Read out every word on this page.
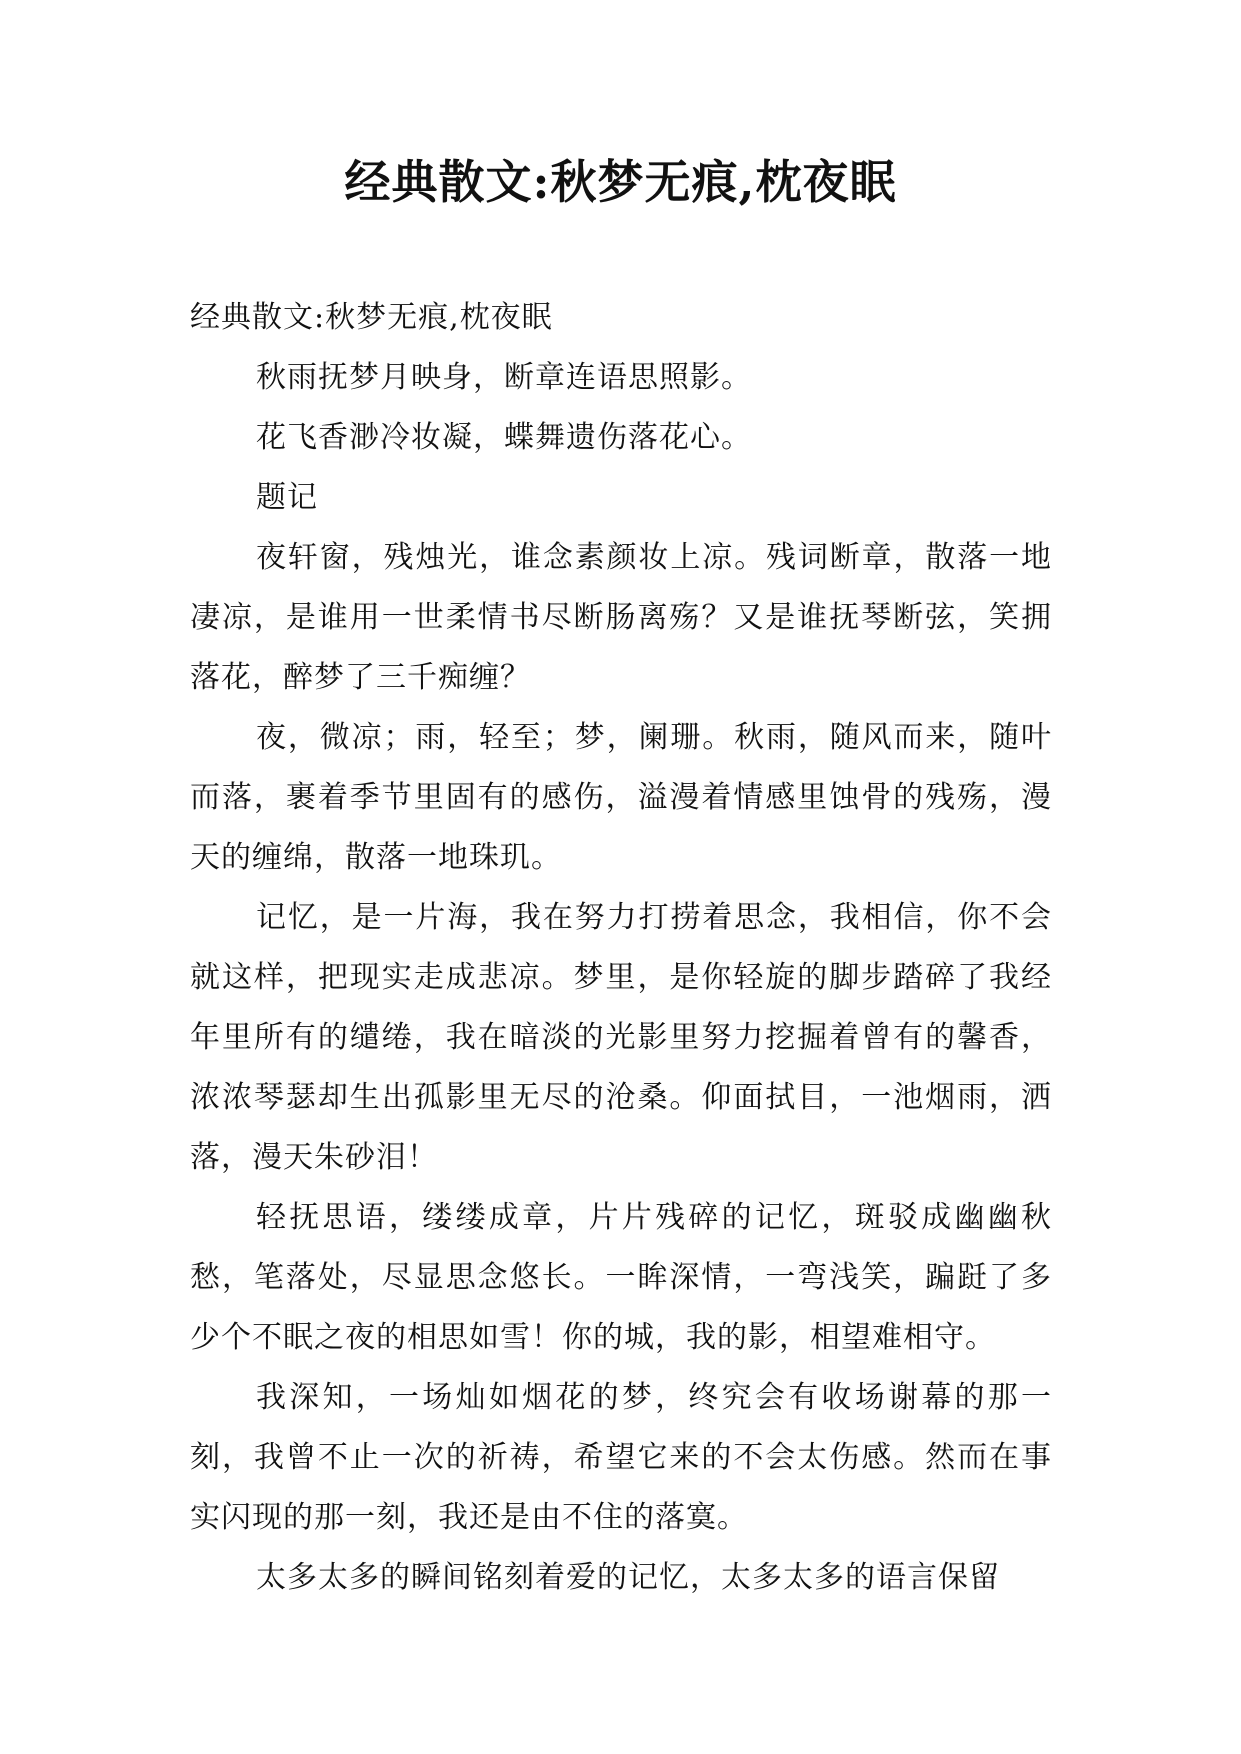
经典散文:秋梦无痕,枕夜眠

经典散文:秋梦无痕,枕夜眠

秋雨抚梦月映身，断章连语思照影。

花飞香渺冷妆凝，蝶舞遗伤落花心。

题记

夜轩窗，残烛光，谁念素颜妆上凉。残词断章，散落一地凄凉，是谁用一世柔情书尽断肠离殇？又是谁抚琴断弦，笑拥落花，醉梦了三千痴缠？

夜，微凉；雨，轻至；梦，阑珊。秋雨，随风而来，随叶而落，裹着季节里固有的感伤，溢漫着情感里蚀骨的残殇，漫天的缠绵，散落一地珠玑。

记忆，是一片海，我在努力打捞着思念，我相信，你不会就这样，把现实走成悲凉。梦里，是你轻旋的脚步踏碎了我经年里所有的缱绻，我在暗淡的光影里努力挖掘着曾有的馨香，浓浓琴瑟却生出孤影里无尽的沧桑。仰面拭目，一池烟雨，洒落，漫天朱砂泪！

轻抚思语，缕缕成章，片片残碎的记忆，斑驳成幽幽秋愁，笔落处，尽显思念悠长。一眸深情，一弯浅笑，蹁跹了多少个不眠之夜的相思如雪！你的城，我的影，相望难相守。

我深知，一场灿如烟花的梦，终究会有收场谢幕的那一刻，我曾不止一次的祈祷，希望它来的不会太伤感。然而在事实闪现的那一刻，我还是由不住的落寞。

太多太多的瞬间铭刻着爱的记忆，太多太多的语言保留
